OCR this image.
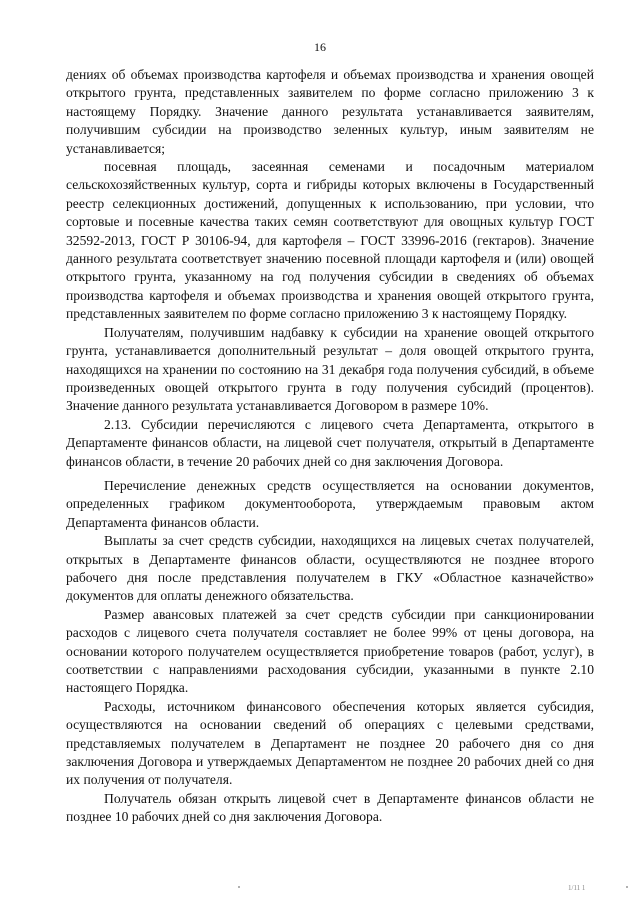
16

дениях об объемах производства картофеля и объемах производства и хранения овощей открытого грунта, представленных заявителем по форме согласно приложению 3 к настоящему Порядку. Значение данного результата устанавливается заявителям, получившим субсидии на производство зеленных культур, иным заявителям не устанавливается;

посевная площадь, засеянная семенами и посадочным материалом сельскохозяйственных культур, сорта и гибриды которых включены в Государственный реестр селекционных достижений, допущенных к использованию, при условии, что сортовые и посевные качества таких семян соответствуют для овощных культур ГОСТ 32592-2013, ГОСТ Р 30106-94, для картофеля – ГОСТ 33996-2016 (гектаров). Значение данного результата соответствует значению посевной площади картофеля и (или) овощей открытого грунта, указанному на год получения субсидии в сведениях об объемах производства картофеля и объемах производства и хранения овощей открытого грунта, представленных заявителем по форме согласно приложению 3 к настоящему Порядку.

Получателям, получившим надбавку к субсидии на хранение овощей открытого грунта, устанавливается дополнительный результат – доля овощей открытого грунта, находящихся на хранении по состоянию на 31 декабря года получения субсидий, в объеме произведенных овощей открытого грунта в году получения субсидий (процентов). Значение данного результата устанавливается Договором в размере 10%.

2.13. Субсидии перечисляются с лицевого счета Департамента, открытого в Департаменте финансов области, на лицевой счет получателя, открытый в Департаменте финансов области, в течение 20 рабочих дней со дня заключения Договора.

Перечисление денежных средств осуществляется на основании документов, определенных графиком документооборота, утверждаемым правовым актом Департамента финансов области.

Выплаты за счет средств субсидии, находящихся на лицевых счетах получателей, открытых в Департаменте финансов области, осуществляются не позднее второго рабочего дня после представления получателем в ГКУ «Областное казначейство» документов для оплаты денежного обязательства.

Размер авансовых платежей за счет средств субсидии при санкционировании расходов с лицевого счета получателя составляет не более 99% от цены договора, на основании которого получателем осуществляется приобретение товаров (работ, услуг), в соответствии с направлениями расходования субсидии, указанными в пункте 2.10 настоящего Порядка.

Расходы, источником финансового обеспечения которых является субсидия, осуществляются на основании сведений об операциях с целевыми средствами, представляемых получателем в Департамент не позднее 20 рабочего дня со дня заключения Договора и утверждаемых Департаментом не позднее 20 рабочих дней со дня их получения от получателя.

Получатель обязан открыть лицевой счет в Департаменте финансов области не позднее 10 рабочих дней со дня заключения Договора.

1/11 1
